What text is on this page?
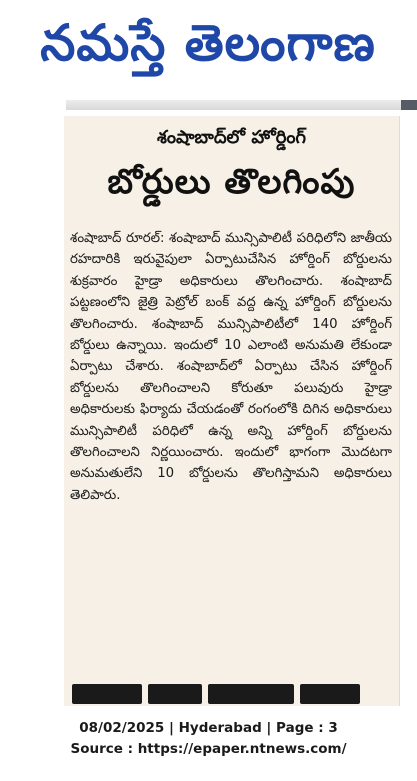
నమస్తే తెలంగాణ
శంషాబాద్‌లో హోర్డింగ్
బోర్డులు తొలగింపు

శంషాబాద్ రూరల్: శంషాబాద్ మున్సిపాలిటీ పరిధిలోని జాతీయ రహదారికి ఇరువైపులా ఏర్పాటుచేసిన హోర్డింగ్ బోర్డులను శుక్రవారం హైడ్రా అధికారులు తొలగించారు. శంషాబాద్ పట్టణంలోని జైత్రి పెట్రోల్ బంక్ వద్ద ఉన్న హోర్డింగ్ బోర్డులను తొలగించారు. శంషాబాద్ మున్సిపాలిటీలో 140 హోర్డింగ్ బోర్డులు ఉన్నాయి. ఇందులో 10 ఎలాంటి అనుమతి లేకుండా ఏర్పాటు చేశారు. శంషాబాద్‌లో ఏర్పాటు చేసిన హోర్డింగ్ బోర్డులను తొలగించాలని కోరుతూ పలువురు హైడ్రా అధికారులకు ఫిర్యాదు చేయడంతో రంగంలోకి దిగిన అధికారులు మున్సిపాలిటీ పరిధిలో ఉన్న అన్ని హోర్డింగ్ బోర్డులను తొలగించాలని నిర్ణయించారు. ఇందులో భాగంగా మొదటగా అనుమతులేని 10 బోర్డులను తొలగిస్తామని అధికారులు తెలిపారు.

08/02/2025 | Hyderabad | Page : 3
Source : https://epaper.ntnews.com/
